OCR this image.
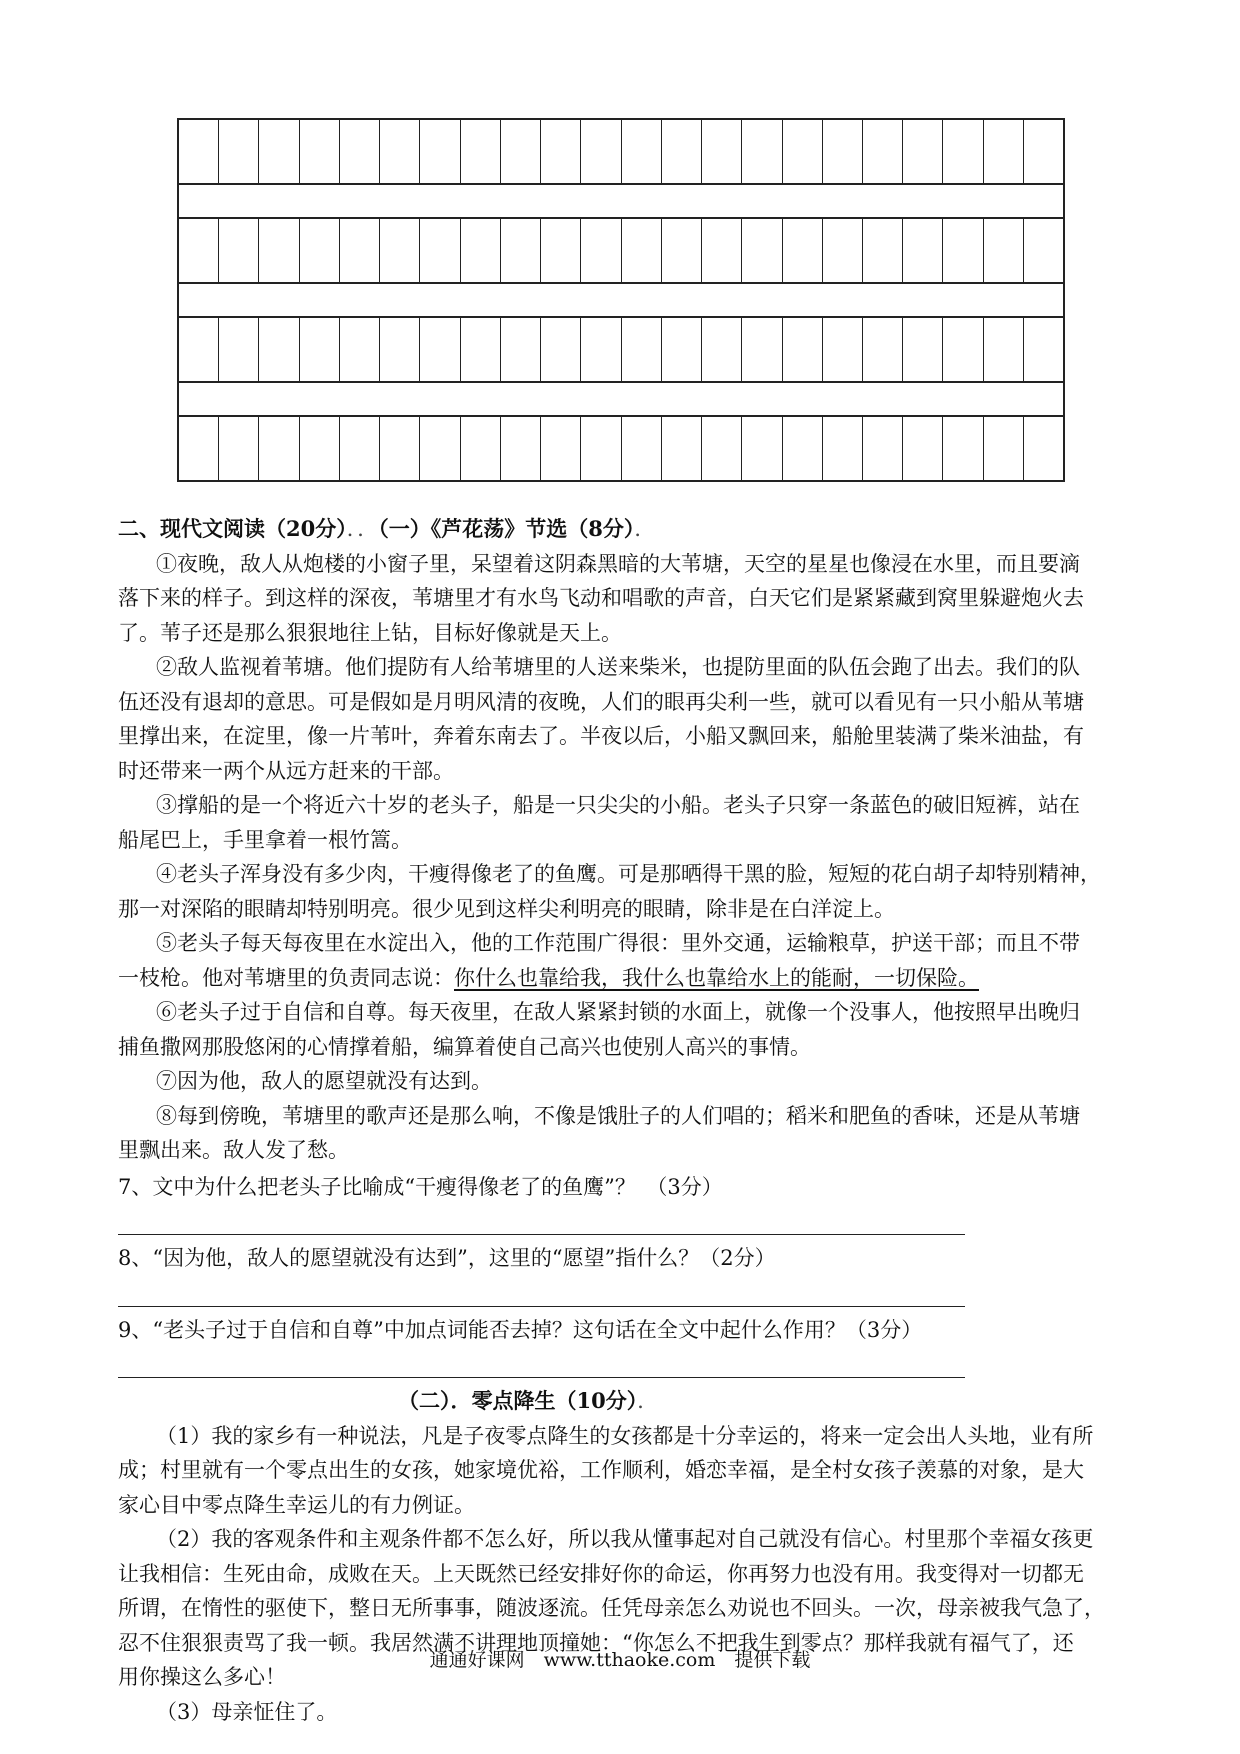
二、现代文阅读（20分）．．（一）《芦花荡》节选（8分）．
①夜晚，敌人从炮楼的小窗子里，呆望着这阴森黑暗的大苇塘，天空的星星也像浸在水里，而且要滴
落下来的样子。到这样的深夜，苇塘里才有水鸟飞动和唱歌的声音，白天它们是紧紧藏到窝里躲避炮火去
了。苇子还是那么狠狠地往上钻，目标好像就是天上。
②敌人监视着苇塘。他们提防有人给苇塘里的人送来柴米，也提防里面的队伍会跑了出去。我们的队
伍还没有退却的意思。可是假如是月明风清的夜晚，人们的眼再尖利一些，就可以看见有一只小船从苇塘
里撑出来，在淀里，像一片苇叶，奔着东南去了。半夜以后，小船又飘回来，船舱里装满了柴米油盐，有
时还带来一两个从远方赶来的干部。
③撑船的是一个将近六十岁的老头子，船是一只尖尖的小船。老头子只穿一条蓝色的破旧短裤，站在
船尾巴上，手里拿着一根竹篙。
④老头子浑身没有多少肉，干瘦得像老了的鱼鹰。可是那晒得干黑的脸，短短的花白胡子却特别精神，
那一对深陷的眼睛却特别明亮。很少见到这样尖利明亮的眼睛，除非是在白洋淀上。
⑤老头子每天每夜里在水淀出入，他的工作范围广得很：里外交通，运输粮草，护送干部；而且不带
一枝枪。他对苇塘里的负责同志说：你什么也靠给我，我什么也靠给水上的能耐，一切保险。
⑥老头子过于自信和自尊。每天夜里，在敌人紧紧封锁的水面上，就像一个没事人，他按照早出晚归
捕鱼撒网那股悠闲的心情撑着船，编算着使自己高兴也使别人高兴的事情。
⑦因为他，敌人的愿望就没有达到。
⑧每到傍晚，苇塘里的歌声还是那么响，不像是饿肚子的人们唱的；稻米和肥鱼的香味，还是从苇塘
里飘出来。敌人发了愁。
7、文中为什么把老头子比喻成“干瘦得像老了的鱼鹰”？　（3分）
8、“因为他，敌人的愿望就没有达到”，这里的“愿望”指什么？（2分）
9、“老头子过于自信和自尊”中加点词能否去掉？这句话在全文中起什么作用？（3分）
（二）．零点降生（10分）．
（1）我的家乡有一种说法，凡是子夜零点降生的女孩都是十分幸运的，将来一定会出人头地，业有所
成；村里就有一个零点出生的女孩，她家境优裕，工作顺利，婚恋幸福，是全村女孩子羡慕的对象，是大
家心目中零点降生幸运儿的有力例证。
（2）我的客观条件和主观条件都不怎么好，所以我从懂事起对自己就没有信心。村里那个幸福女孩更
让我相信：生死由命，成败在天。上天既然已经安排好你的命运，你再努力也没有用。我变得对一切都无
所谓，在惰性的驱使下，整日无所事事，随波逐流。任凭母亲怎么劝说也不回头。一次，母亲被我气急了，
忍不住狠狠责骂了我一顿。我居然满不讲理地顶撞她：“你怎么不把我生到零点？那样我就有福气了，还
用你操这么多心！
（3）母亲怔住了。
通通好课网　www.tthaoke.com　提供下载
